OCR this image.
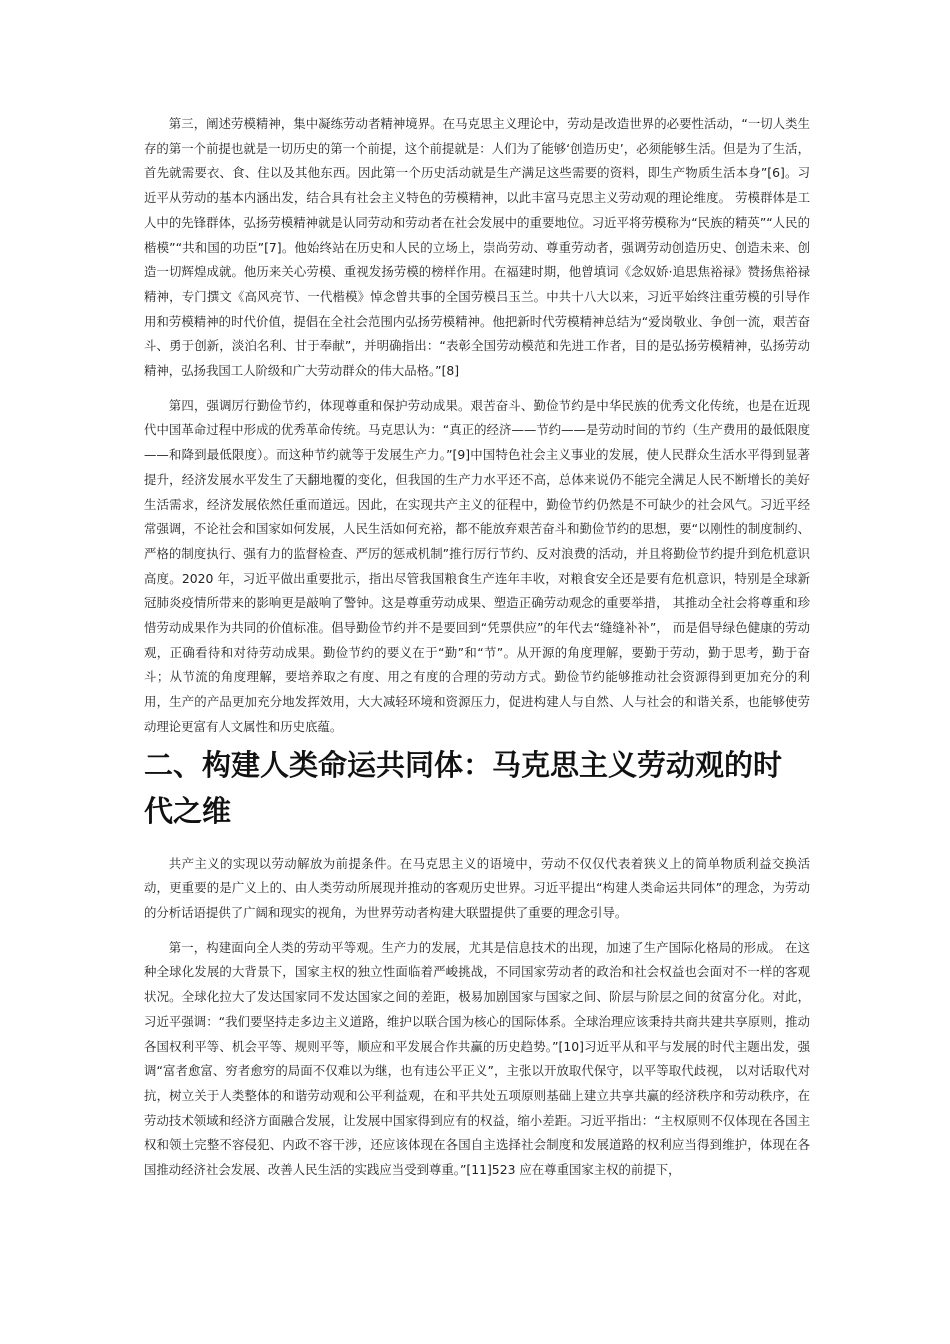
第三，阐述劳模精神，集中凝练劳动者精神境界。在马克思主义理论中，劳动是改造世界的必要性活动，“一切人类生存的第一个前提也就是一切历史的第一个前提，这个前提就是：人们为了能够‘创造历史’，必须能够生活。但是为了生活，首先就需要衣、食、住以及其他东西。因此第一个历史活动就是生产满足这些需要的资料，即生产物质生活本身”[6]。习近平从劳动的基本内涵出发，结合具有社会主义特色的劳模精神，以此丰富马克思主义劳动观的理论维度。 劳模群体是工人中的先锋群体，弘扬劳模精神就是认同劳动和劳动者在社会发展中的重要地位。习近平将劳模称为“民族的精英”“人民的楷模”“共和国的功臣”[7]。他始终站在历史和人民的立场上，崇尚劳动、尊重劳动者，强调劳动创造历史、创造未来、创造一切辉煌成就。他历来关心劳模、重视发扬劳模的榜样作用。在福建时期，他曾填词《念奴娇·追思焦裕禄》赞扬焦裕禄精神，专门撰文《高风亮节、一代楷模》悼念曾共事的全国劳模吕玉兰。中共十八大以来，习近平始终注重劳模的引导作用和劳模精神的时代价值，提倡在全社会范围内弘扬劳模精神。他把新时代劳模精神总结为“爱岗敬业、争创一流，艰苦奋斗、勇于创新，淡泊名利、甘于奉献”，并明确指出：“表彰全国劳动模范和先进工作者，目的是弘扬劳模精神，弘扬劳动精神，弘扬我国工人阶级和广大劳动群众的伟大品格。”[8]

第四，强调厉行勤俭节约，体现尊重和保护劳动成果。艰苦奋斗、勤俭节约是中华民族的优秀文化传统，也是在近现代中国革命过程中形成的优秀革命传统。马克思认为：“真正的经济——节约——是劳动时间的节约（生产费用的最低限度——和降到最低限度）。而这种节约就等于发展生产力。”[9]中国特色社会主义事业的发展，使人民群众生活水平得到显著提升，经济发展水平发生了天翻地覆的变化，但我国的生产力水平还不高，总体来说仍不能完全满足人民不断增长的美好生活需求，经济发展依然任重而道远。因此，在实现共产主义的征程中，勤俭节约仍然是不可缺少的社会风气。习近平经常强调，不论社会和国家如何发展，人民生活如何充裕，都不能放弃艰苦奋斗和勤俭节约的思想，要“以刚性的制度制约、严格的制度执行、强有力的监督检查、严厉的惩戒机制”推行厉行节约、反对浪费的活动，并且将勤俭节约提升到危机意识高度。2020 年，习近平做出重要批示，指出尽管我国粮食生产连年丰收，对粮食安全还是要有危机意识，特别是全球新冠肺炎疫情所带来的影响更是敲响了警钟。这是尊重劳动成果、塑造正确劳动观念的重要举措， 其推动全社会将尊重和珍惜劳动成果作为共同的价值标准。倡导勤俭节约并不是要回到“凭票供应”的年代去“缝缝补补”， 而是倡导绿色健康的劳动观，正确看待和对待劳动成果。勤俭节约的要义在于“勤”和“节”。从开源的角度理解，要勤于劳动，勤于思考，勤于奋斗；从节流的角度理解，要培养取之有度、用之有度的合理的劳动方式。勤俭节约能够推动社会资源得到更加充分的利用，生产的产品更加充分地发挥效用，大大减轻环境和资源压力，促进构建人与自然、人与社会的和谐关系，也能够使劳动理论更富有人文属性和历史底蕴。

二、构建人类命运共同体：马克思主义劳动观的时代之维

共产主义的实现以劳动解放为前提条件。在马克思主义的语境中，劳动不仅仅代表着狭义上的简单物质利益交换活动，更重要的是广义上的、由人类劳动所展现并推动的客观历史世界。习近平提出“构建人类命运共同体”的理念，为劳动的分析话语提供了广阔和现实的视角，为世界劳动者构建大联盟提供了重要的理念引导。

第一，构建面向全人类的劳动平等观。生产力的发展，尤其是信息技术的出现，加速了生产国际化格局的形成。 在这种全球化发展的大背景下，国家主权的独立性面临着严峻挑战，不同国家劳动者的政治和社会权益也会面对不一样的客观状况。全球化拉大了发达国家同不发达国家之间的差距，极易加剧国家与国家之间、阶层与阶层之间的贫富分化。对此，习近平强调：“我们要坚持走多边主义道路，维护以联合国为核心的国际体系。全球治理应该秉持共商共建共享原则，推动各国权利平等、机会平等、规则平等，顺应和平发展合作共赢的历史趋势。”[10]习近平从和平与发展的时代主题出发，强调“富者愈富、穷者愈穷的局面不仅难以为继，也有违公平正义”，主张以开放取代保守，以平等取代歧视， 以对话取代对抗，树立关于人类整体的和谐劳动观和公平利益观，在和平共处五项原则基础上建立共享共赢的经济秩序和劳动秩序，在劳动技术领域和经济方面融合发展，让发展中国家得到应有的权益，缩小差距。习近平指出：“主权原则不仅体现在各国主权和领土完整不容侵犯、内政不容干涉，还应该体现在各国自主选择社会制度和发展道路的权利应当得到维护，体现在各国推动经济社会发展、改善人民生活的实践应当受到尊重。”[11]523 应在尊重国家主权的前提下，
